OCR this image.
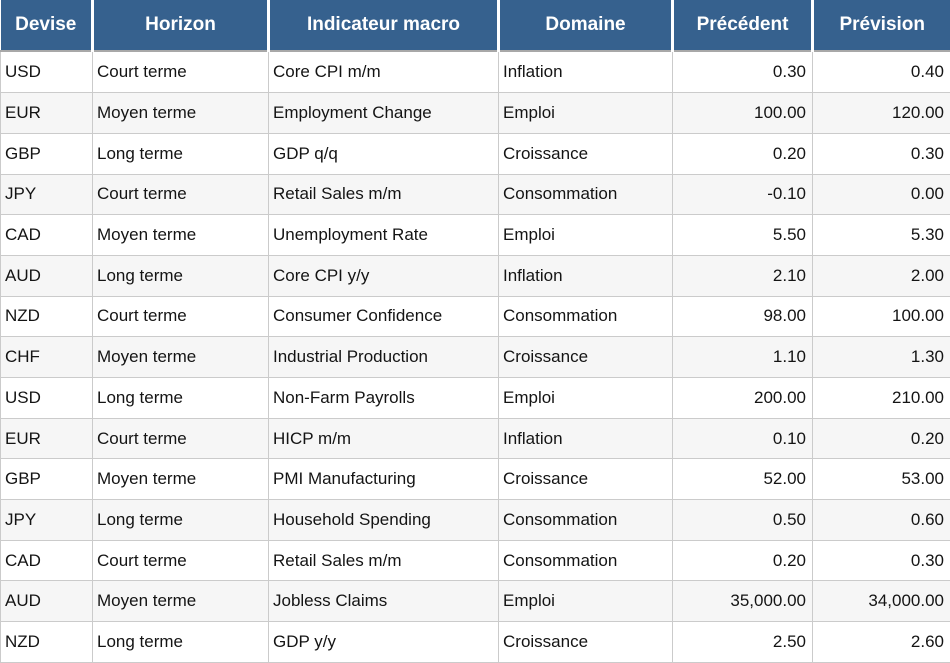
Devise	Horizon	Indicateur macro	Domaine	Précédent	Prévision
USD	Court terme	Core CPI m/m	Inflation	0.30	0.40
EUR	Moyen terme	Employment Change	Emploi	100.00	120.00
GBP	Long terme	GDP q/q	Croissance	0.20	0.30
JPY	Court terme	Retail Sales m/m	Consommation	-0.10	0.00
CAD	Moyen terme	Unemployment Rate	Emploi	5.50	5.30
AUD	Long terme	Core CPI y/y	Inflation	2.10	2.00
NZD	Court terme	Consumer Confidence	Consommation	98.00	100.00
CHF	Moyen terme	Industrial Production	Croissance	1.10	1.30
USD	Long terme	Non-Farm Payrolls	Emploi	200.00	210.00
EUR	Court terme	HICP m/m	Inflation	0.10	0.20
GBP	Moyen terme	PMI Manufacturing	Croissance	52.00	53.00
JPY	Long terme	Household Spending	Consommation	0.50	0.60
CAD	Court terme	Retail Sales m/m	Consommation	0.20	0.30
AUD	Moyen terme	Jobless Claims	Emploi	35,000.00	34,000.00
NZD	Long terme	GDP y/y	Croissance	2.50	2.60
